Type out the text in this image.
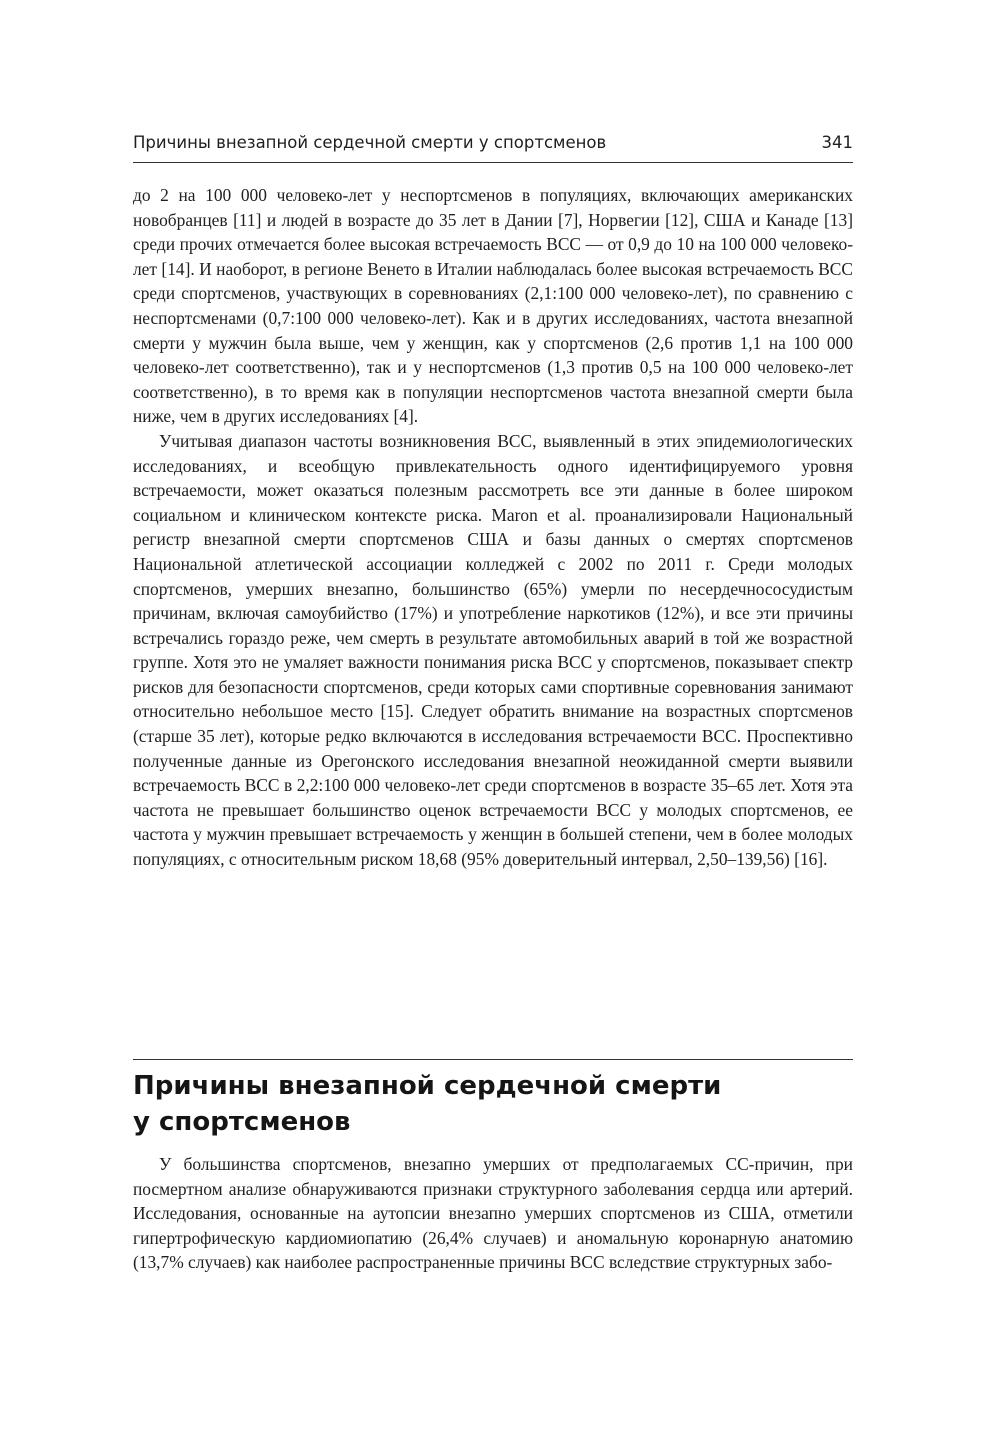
Причины внезапной сердечной смерти у спортсменов	341

до 2 на 100 000 человеко-лет у неспортсменов в популяциях, включающих американских новобранцев [11] и людей в возрасте до 35 лет в Дании [7], Норвегии [12], США и Канаде [13] среди прочих отмечается более высокая встречаемость ВСС — от 0,9 до 10 на 100 000 человеко-лет [14]. И наоборот, в регионе Венето в Италии наблюдалась более высокая встречаемость ВСС среди спортсменов, участвующих в соревнованиях (2,1:100 000 человеко-лет), по сравнению с неспортсменами (0,7:100 000 человеко-лет). Как и в других исследованиях, частота внезапной смерти у мужчин была выше, чем у женщин, как у спортсменов (2,6 против 1,1 на 100 000 человеко-лет соответственно), так и у неспортсменов (1,3 против 0,5 на 100 000 человеко-лет соответственно), в то время как в популяции неспортсменов частота внезапной смерти была ниже, чем в других исследованиях [4].

Учитывая диапазон частоты возникновения ВСС, выявленный в этих эпидемиологических исследованиях, и всеобщую привлекательность одного идентифицируемого уровня встречаемости, может оказаться полезным рассмотреть все эти данные в более широком социальном и клиническом контексте риска. Maron et al. проанализировали Национальный регистр внезапной смерти спортсменов США и базы данных о смертях спортсменов Национальной атлетической ассоциации колледжей с 2002 по 2011 г. Среди молодых спортсменов, умерших внезапно, большинство (65%) умерли по несердечнососудистым причинам, включая самоубийство (17%) и употребление наркотиков (12%), и все эти причины встречались гораздо реже, чем смерть в результате автомобильных аварий в той же возрастной группе. Хотя это не умаляет важности понимания риска ВСС у спортсменов, показывает спектр рисков для безопасности спортсменов, среди которых сами спортивные соревнования занимают относительно небольшое место [15]. Следует обратить внимание на возрастных спортсменов (старше 35 лет), которые редко включаются в исследования встречаемости ВСС. Проспективно полученные данные из Орегонского исследования внезапной неожиданной смерти выявили встречаемость ВСС в 2,2:100 000 человеко-лет среди спортсменов в возрасте 35–65 лет. Хотя эта частота не превышает большинство оценок встречаемости ВСС у молодых спортсменов, ее частота у мужчин превышает встречаемость у женщин в большей степени, чем в более молодых популяциях, с относительным риском 18,68 (95% доверительный интервал, 2,50–139,56) [16].

Причины внезапной сердечной смерти
у спортсменов

У большинства спортсменов, внезапно умерших от предполагаемых СС-причин, при посмертном анализе обнаруживаются признаки структурного заболевания сердца или артерий. Исследования, основанные на аутопсии внезапно умерших спортсменов из США, отметили гипертрофическую кардиомиопатию (26,4% случаев) и аномальную коронарную анатомию (13,7% случаев) как наиболее распространенные причины ВСС вследствие структурных забо-
